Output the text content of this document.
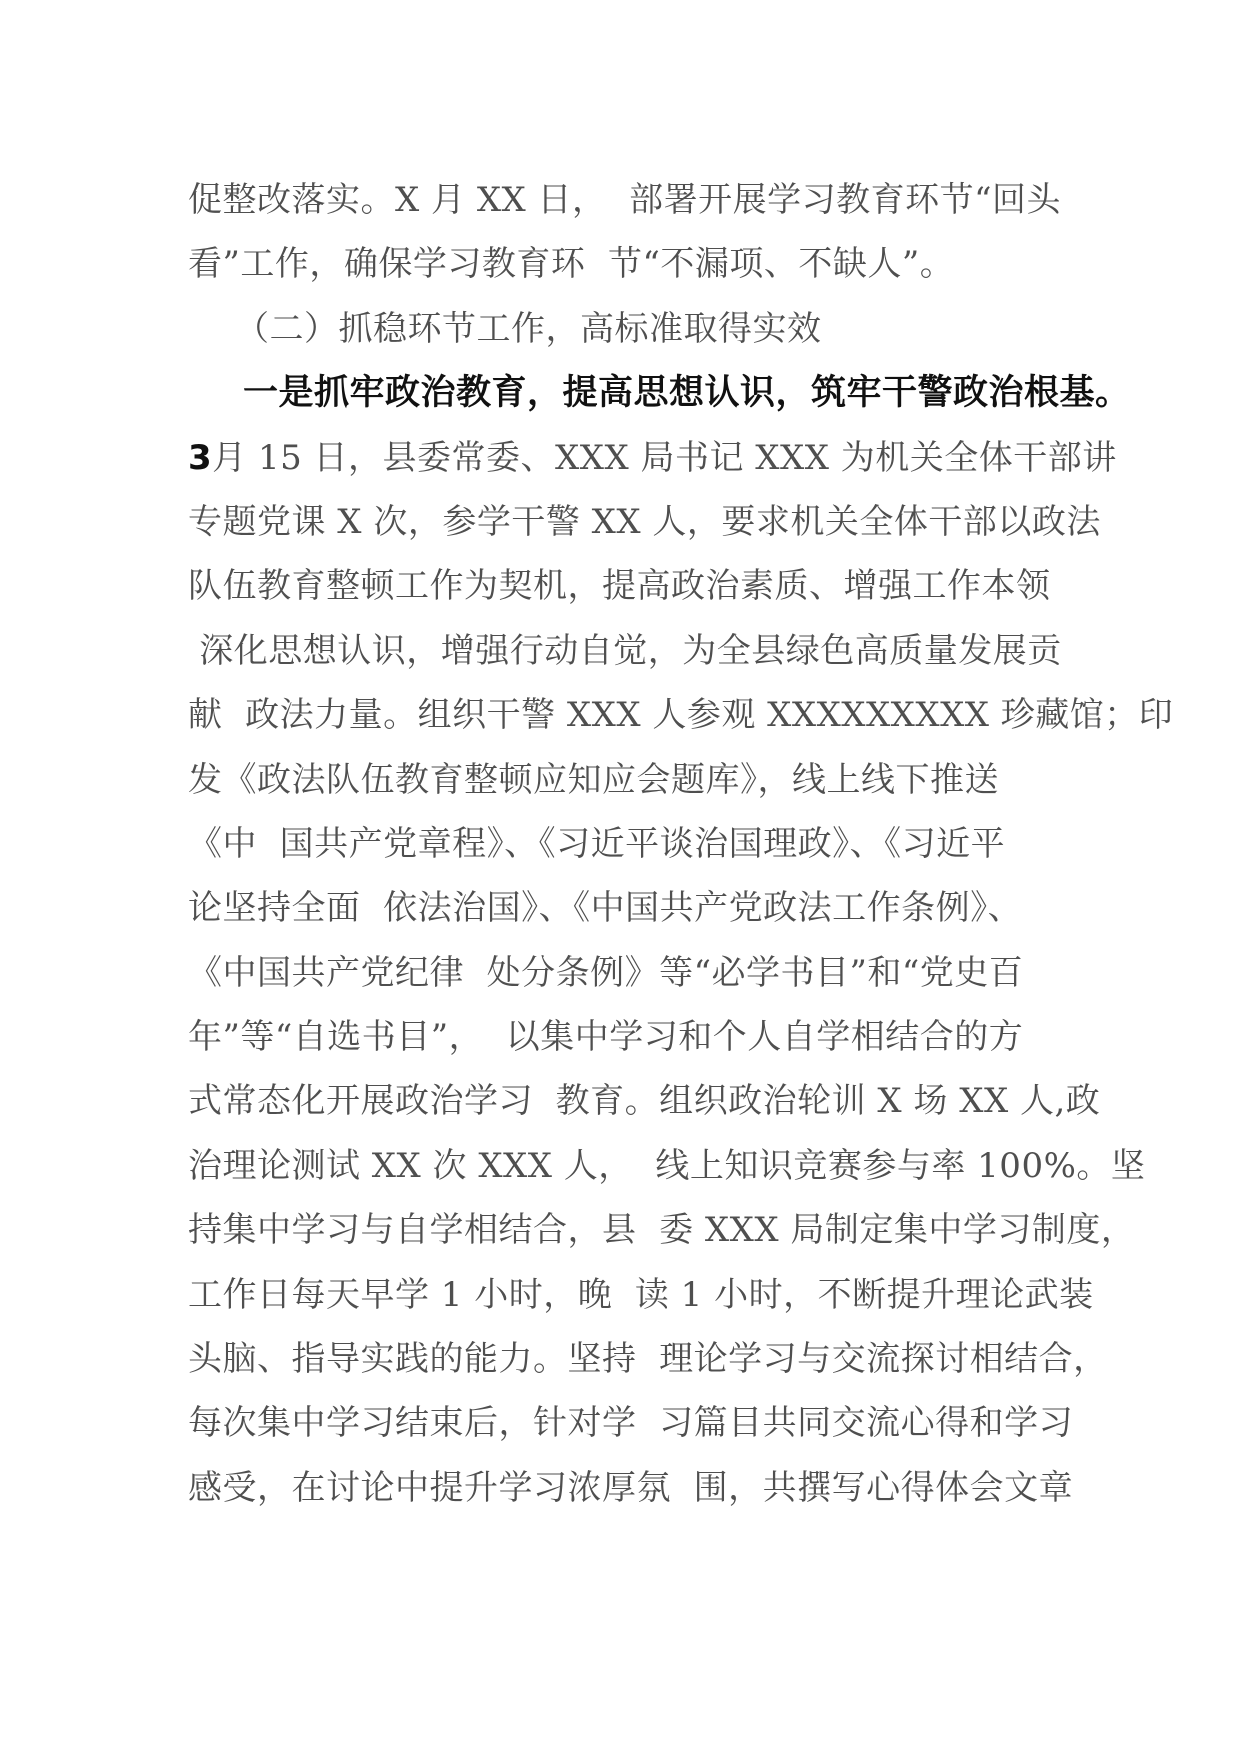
促整改落实。X 月 XX 日，  部署开展学习教育环节“回头
看”工作，确保学习教育环  节“不漏项、不缺人”。
（二）抓稳环节工作，高标准取得实效
一是抓牢政治教育，提高思想认识，筑牢干警政治根基。
3月 15 日，县委常委、XXX 局书记 XXX 为机关全体干部讲
专题党课 X 次，参学干警 XX 人，要求机关全体干部以政法
队伍教育整顿工作为契机，提高政治素质、增强工作本领
深化思想认识，增强行动自觉，为全县绿色高质量发展贡
献  政法力量。组织干警 XXX 人参观 XXXXXXXXX 珍藏馆；印
发《政法队伍教育整顿应知应会题库》，线上线下推送
《中  国共产党章程》、《习近平谈治国理政》、《习近平
论坚持全面  依法治国》、《中国共产党政法工作条例》、
《中国共产党纪律  处分条例》等“必学书目”和“党史百
年”等“自选书目”，  以集中学习和个人自学相结合的方
式常态化开展政治学习  教育。组织政治轮训 X 场 XX 人,政
治理论测试 XX 次 XXX 人，  线上知识竞赛参与率 100%。坚
持集中学习与自学相结合，县  委 XXX 局制定集中学习制度，
工作日每天早学 1 小时，晚  读 1 小时，不断提升理论武装
头脑、指导实践的能力。坚持  理论学习与交流探讨相结合，
每次集中学习结束后，针对学  习篇目共同交流心得和学习
感受，在讨论中提升学习浓厚氛  围，共撰写心得体会文章
